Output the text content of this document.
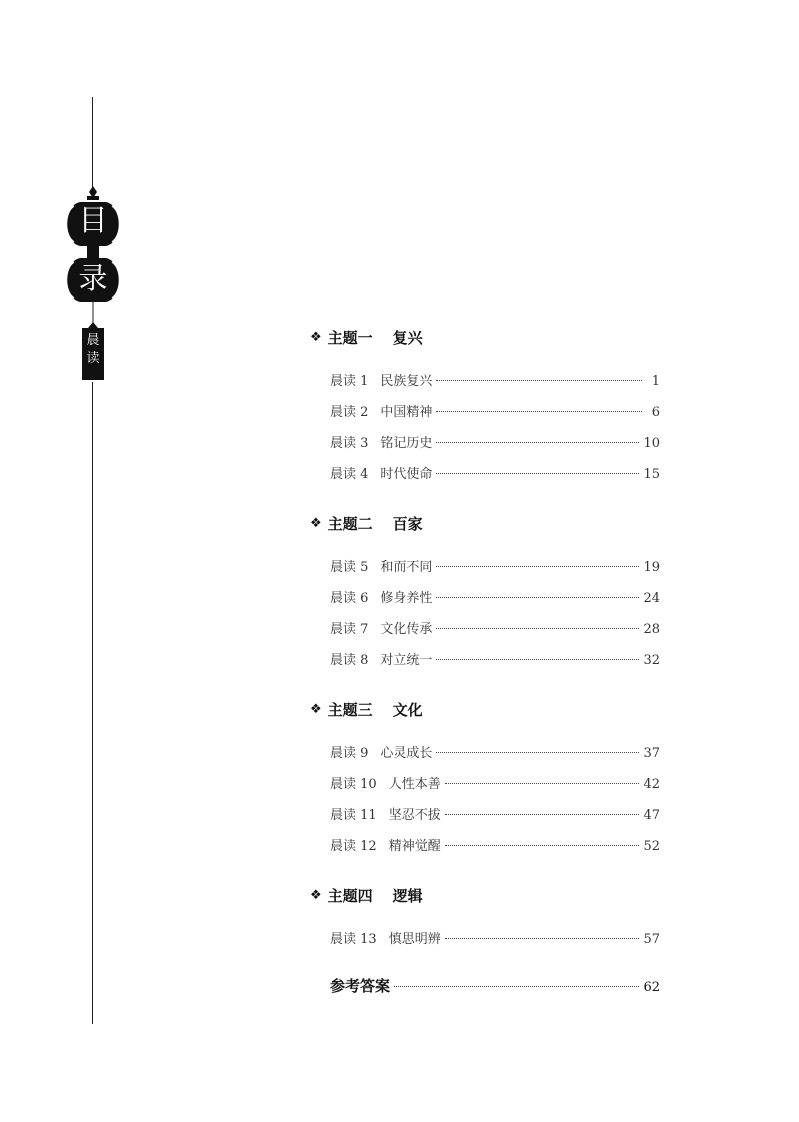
目
录
晨
读
❖ 主题一 复兴
晨读 1 民族复兴	1
晨读 2 中国精神	6
晨读 3 铭记历史	10
晨读 4 时代使命	15
❖ 主题二 百家
晨读 5 和而不同	19
晨读 6 修身养性	24
晨读 7 文化传承	28
晨读 8 对立统一	32
❖ 主题三 文化
晨读 9 心灵成长	37
晨读 10 人性本善	42
晨读 11 坚忍不拔	47
晨读 12 精神觉醒	52
❖ 主题四 逻辑
晨读 13 慎思明辨	57
参考答案	62
